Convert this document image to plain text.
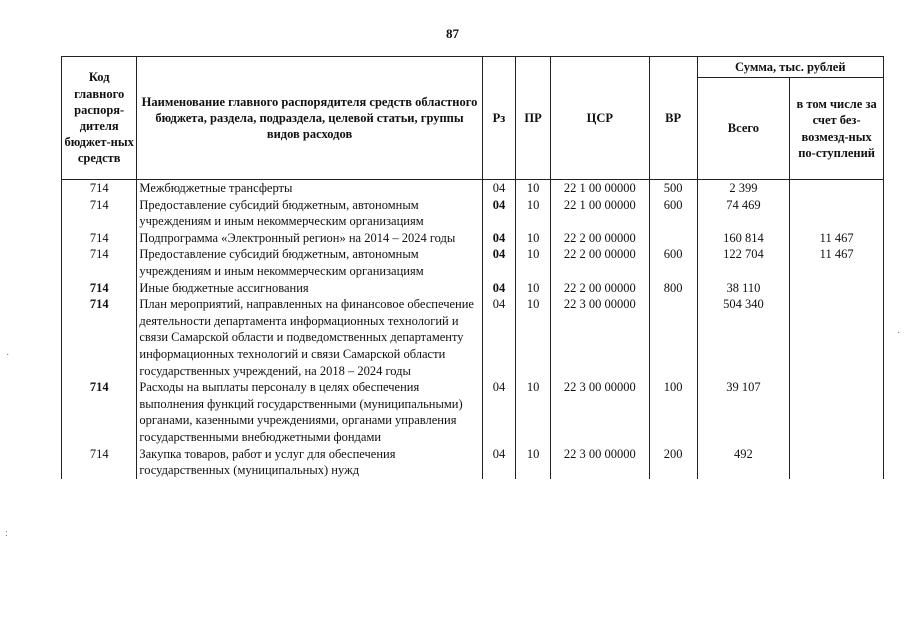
87
Код главного распоря-дителя бюджет-ных средств	Наименование главного распорядителя средств областного бюджета, раздела, подраздела, целевой статьи, группы видов расходов	Рз	ПР	ЦСР	ВР	Сумма, тыс. рублей	
						Всего	в том числе за счет без-возмезд-ных по-ступлений
714	Межбюджетные трансферты	04	10	22 1 00 00000	500	2 399	
714	Предоставление субсидий бюджетным, автономным учреждениям и иным некоммерческим организациям	04	10	22 1 00 00000	600	74 469	
714	Подпрограмма «Электронный регион» на 2014 – 2024 годы	04	10	22 2 00 00000		160 814	11 467
714	Предоставление субсидий бюджетным, автономным учреждениям и иным некоммерческим организациям	04	10	22 2 00 00000	600	122 704	11 467
714	Иные бюджетные ассигнования	04	10	22 2 00 00000	800	38 110	
714	План мероприятий, направленных на финансовое обеспечение деятельности департамента информационных технологий и связи Самарской области и подведомственных департаменту информационных технологий и связи Самарской области государственных учреждений, на 2018 – 2024 годы	04	10	22 3 00 00000		504 340	
714	Расходы на выплаты персоналу в целях обеспечения выполнения функций государственными (муниципальными) органами, казенными учреждениями, органами управления государственными внебюджетными фондами	04	10	22 3 00 00000	100	39 107	
714	Закупка товаров, работ и услуг для обеспечения государственных (муниципальных) нужд	04	10	22 3 00 00000	200	492	
·
:
·
